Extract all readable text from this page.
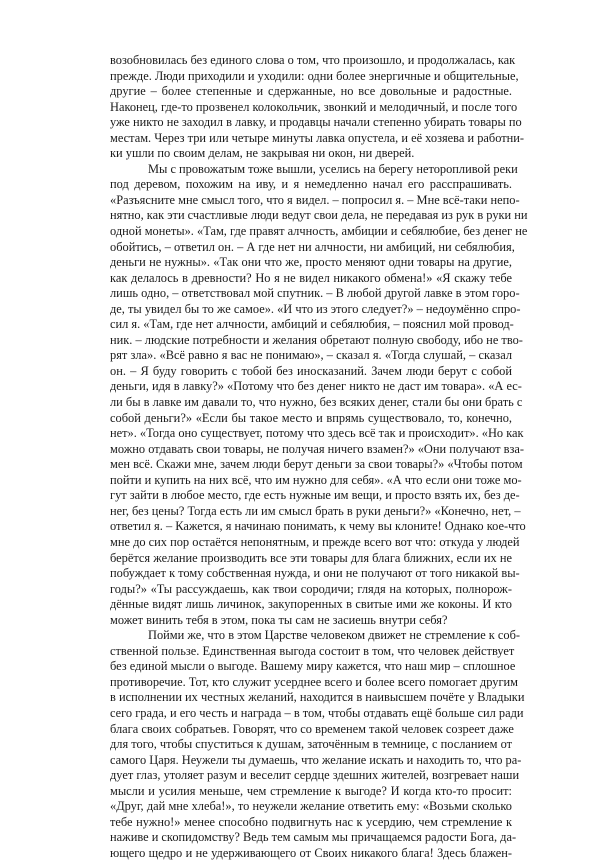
возобновилась без единого слова о том, что произошло, и продолжалась, как
прежде. Люди приходили и уходили: одни более энергичные и общительные,
другие – более степенные и сдержанные, но все довольные и радостные.
Наконец, где-то прозвенел колокольчик, звонкий и мелодичный, и после того
уже никто не заходил в лавку, и продавцы начали степенно убирать товары по
местам. Через три или четыре минуты лавка опустела, и её хозяева и работни-
ки ушли по своим делам, не закрывая ни окон, ни дверей.
Мы с провожатым тоже вышли, уселись на берегу неторопливой реки
под деревом, похожим на иву, и я немедленно начал его расспрашивать.
«Разъясните мне смысл того, что я видел. – попросил я. – Мне всё-таки непо-
нятно, как эти счастливые люди ведут свои дела, не передавая из рук в руки ни
одной монеты». «Там, где правят алчность, амбиции и себялюбие, без денег не
обойтись, – ответил он. – А где нет ни алчности, ни амбиций, ни себялюбия,
деньги не нужны». «Так они что же, просто меняют одни товары на другие,
как делалось в древности? Но я не видел никакого обмена!» «Я скажу тебе
лишь одно, – ответствовал мой спутник. – В любой другой лавке в этом горо-
де, ты увидел бы то же самое». «И что из этого следует?» – недоумённо спро-
сил я. «Там, где нет алчности, амбиций и себялюбия, – пояснил мой провод-
ник. – людские потребности и желания обретают полную свободу, ибо не тво-
рят зла». «Всё равно я вас не понимаю», – сказал я. «Тогда слушай, – сказал
он. – Я буду говорить с тобой без иносказаний. Зачем люди берут с собой
деньги, идя в лавку?» «Потому что без денег никто не даст им товара». «А ес-
ли бы в лавке им давали то, что нужно, без всяких денег, стали бы они брать с
собой деньги?» «Если бы такое место и впрямь существовало, то, конечно,
нет». «Тогда оно существует, потому что здесь всё так и происходит». «Но как
можно отдавать свои товары, не получая ничего взамен?» «Они получают вза-
мен всё. Скажи мне, зачем люди берут деньги за свои товары?» «Чтобы потом
пойти и купить на них всё, что им нужно для себя». «А что если они тоже мо-
гут зайти в любое место, где есть нужные им вещи, и просто взять их, без де-
нег, без цены? Тогда есть ли им смысл брать в руки деньги?» «Конечно, нет, –
ответил я. – Кажется, я начинаю понимать, к чему вы клоните! Однако кое-что
мне до сих пор остаётся непонятным, и прежде всего вот что: откуда у людей
берётся желание производить все эти товары для блага ближних, если их не
побуждает к тому собственная нужда, и они не получают от того никакой вы-
годы?» «Ты рассуждаешь, как твои сородичи; глядя на которых, полнорож-
дённые видят лишь личинок, закупоренных в свитые ими же коконы. И кто
может винить тебя в этом, пока ты сам не засиешь внутри себя?
Пойми же, что в этом Царстве человеком движет не стремление к соб-
ственной пользе. Единственная выгода состоит в том, что человек действует
без единой мысли о выгоде. Вашему миру кажется, что наш мир – сплошное
противоречие. Тот, кто служит усерднее всего и более всего помогает другим
в исполнении их честных желаний, находится в наивысшем почёте у Владыки
сего града, и его честь и награда – в том, чтобы отдавать ещё больше сил ради
блага своих собратьев. Говорят, что со временем такой человек созреет даже
для того, чтобы спуститься к душам, заточённым в темнице, с посланием от
самого Царя. Неужели ты думаешь, что желание искать и находить то, что ра-
дует глаз, утоляет разум и веселит сердце здешних жителей, возгревает наши
мысли и усилия меньше, чем стремление к выгоде? И когда кто-то просит:
«Друг, дай мне хлеба!», то неужели желание ответить ему: «Возьми сколько
тебе нужно!» менее способно подвигнуть нас к усердию, чем стремление к
наживе и скопидомству? Ведь тем самым мы причащаемся радости Бога, да-
ющего щедро и не удерживающего от Своих никакого блага! Здесь блажен-
